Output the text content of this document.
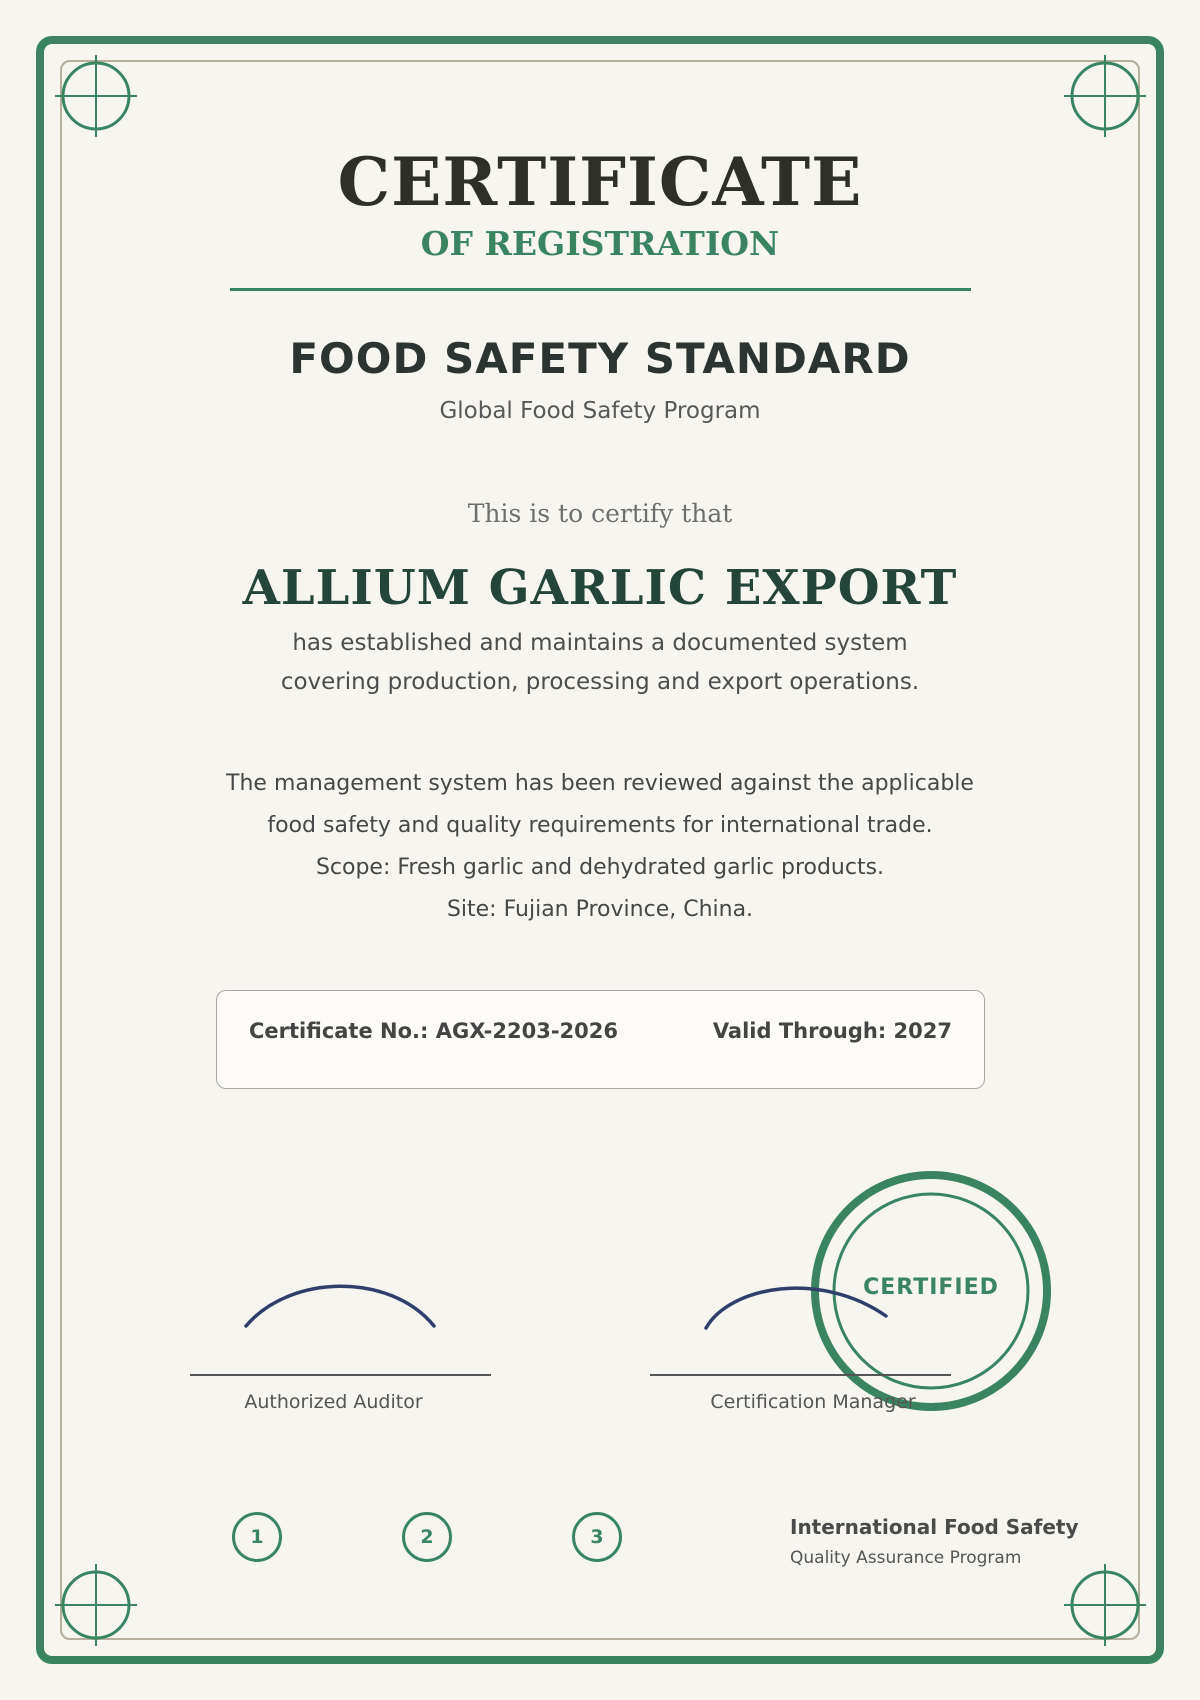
CERTIFICATE
OF REGISTRATION
FOOD SAFETY STANDARD
Global Food Safety Program
This is to certify that
ALLIUM GARLIC EXPORT
has established and maintains a documented system
covering production, processing and export operations.
The management system has been reviewed against the applicable
food safety and quality requirements for international trade.
Scope: Fresh garlic and dehydrated garlic products.
Site: Fujian Province, China.
Certificate No.: AGX-2203-2026	Valid Through: 2027
CERTIFIED
Authorized Auditor	Certification Manager
1	2	3	International Food Safety
Quality Assurance Program
